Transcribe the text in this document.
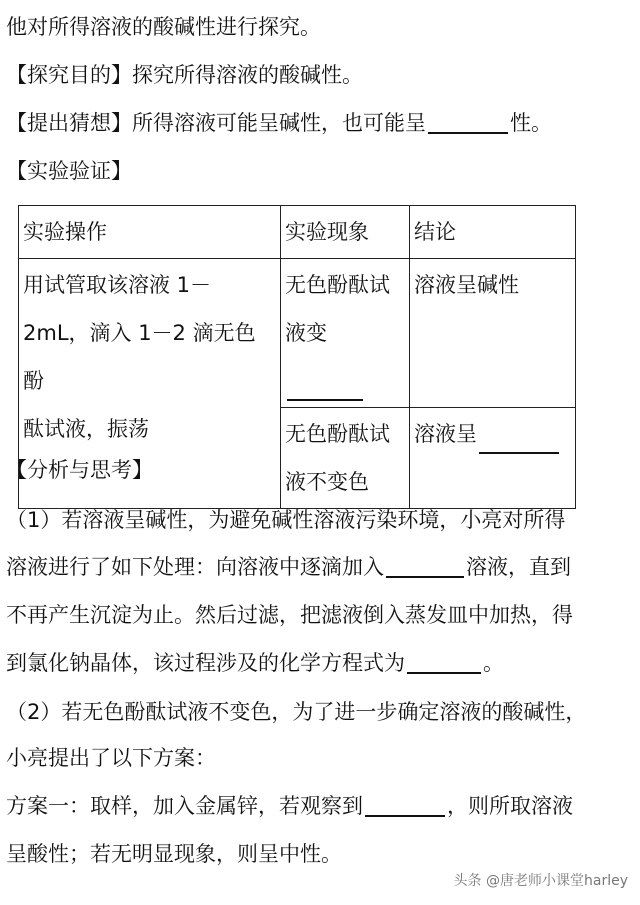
他对所得溶液的酸碱性进行探究。
【探究目的】探究所得溶液的酸碱性。
【提出猜想】所得溶液可能呈碱性，也可能呈	性。
【实验验证】
实验操作	实验现象	结论

用试管取该溶液 1－
2mL，滴入 1－2 滴无色酚
酞试液，振荡	无色酚酞试
液变	溶液呈碱性

	无色酚酞试
液不变色	溶液呈
【分析与思考】
（1）若溶液呈碱性，为避免碱性溶液污染环境，小亮对所得
溶液进行了如下处理：向溶液中逐滴加入	溶液，直到
不再产生沉淀为止。然后过滤，把滤液倒入蒸发皿中加热，得
到氯化钠晶体，该过程涉及的化学方程式为	。
（2）若无色酚酞试液不变色，为了进一步确定溶液的酸碱性，
小亮提出了以下方案：
方案一：取样，加入金属锌，若观察到	，则所取溶液
呈酸性；若无明显现象，则呈中性。
头条 @唐老师小课堂harley
